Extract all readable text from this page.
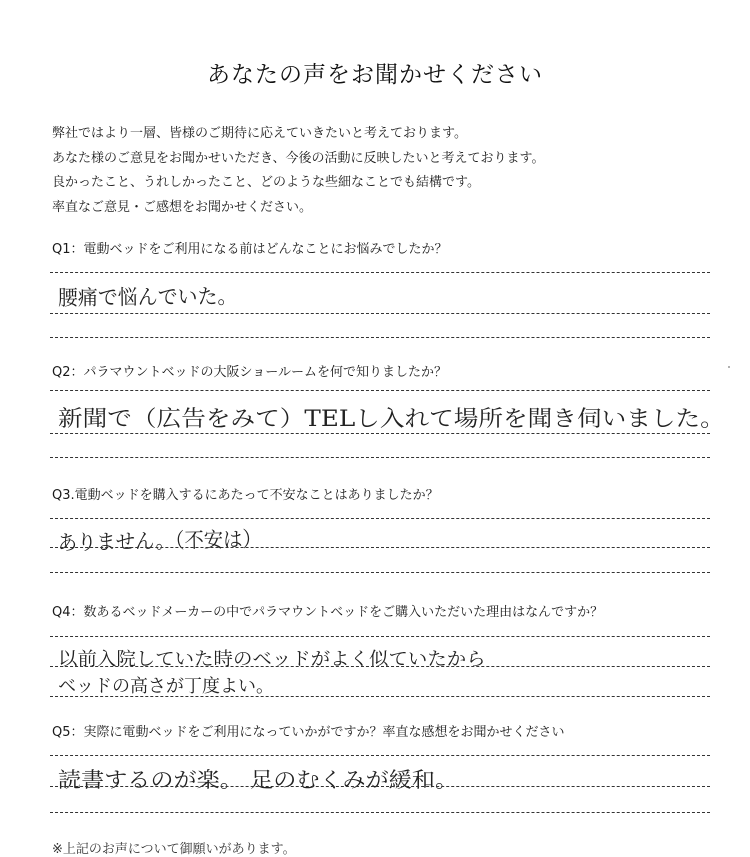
あなたの声をお聞かせください

弊社ではより一層、皆様のご期待に応えていきたいと考えております。

あなた様のご意見をお聞かせいただき、今後の活動に反映したいと考えております。

良かったこと、うれしかったこと、どのような些細なことでも結構です。

率直なご意見・ご感想をお聞かせください。

Q1：電動ベッドをご利用になる前はどんなことにお悩みでしたか？
腰痛で悩んでいた。
Q2：パラマウントベッドの大阪ショールームを何で知りましたか？
新聞で（広告をみて）TELし入れて場所を聞き伺いました。
Q3.電動ベッドを購入するにあたって不安なことはありましたか？
ありません。（不安は）
Q4：数あるベッドメーカーの中でパラマウントベッドをご購入いただいた理由はなんですか？
以前入院していた時のベッドがよく似ていたから
ベッドの高さが丁度よい。
Q5：実際に電動ベッドをご利用になっていかがですか？率直な感想をお聞かせください
読書するのが楽。 足のむくみが緩和。
※上記のお声について御願いがあります。
